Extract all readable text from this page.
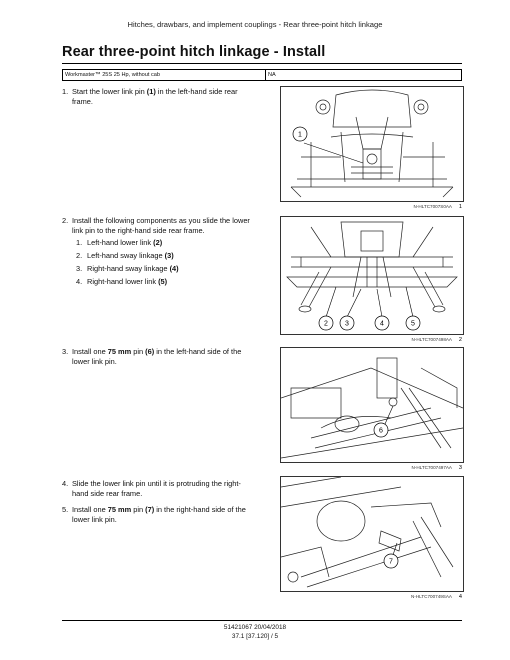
Hitches, drawbars, and implement couplings - Rear three-point hitch linkage
Rear three-point hitch linkage - Install
Workmaster™ 25S 25 Hp, without cab	NA
1. Start the lower link pin (1) in the left-hand side rear
frame.
2. Install the following components as you slide the lower
link pin to the right-hand side rear frame.
1. Left-hand lower link (2)
2. Left-hand sway linkage (3)
3. Right-hand sway linkage (4)
4. Right-hand lower link (5)
3. Install one 75 mm pin (6) in the left-hand side of the
lower link pin.
4. Slide the lower link pin until it is protruding the right-
hand side rear frame.
5. Install one 75 mm pin (7) in the right-hand side of the
lower link pin.
1
N-HLTC7007S0AA 1
2 3	4	5
N-HLTC7007498AA 2
6
N-HLTC7007497AA 3
7
N-HLTC700749SAA 4
51421067 20/04/2018
37.1 [37.120] / 5
